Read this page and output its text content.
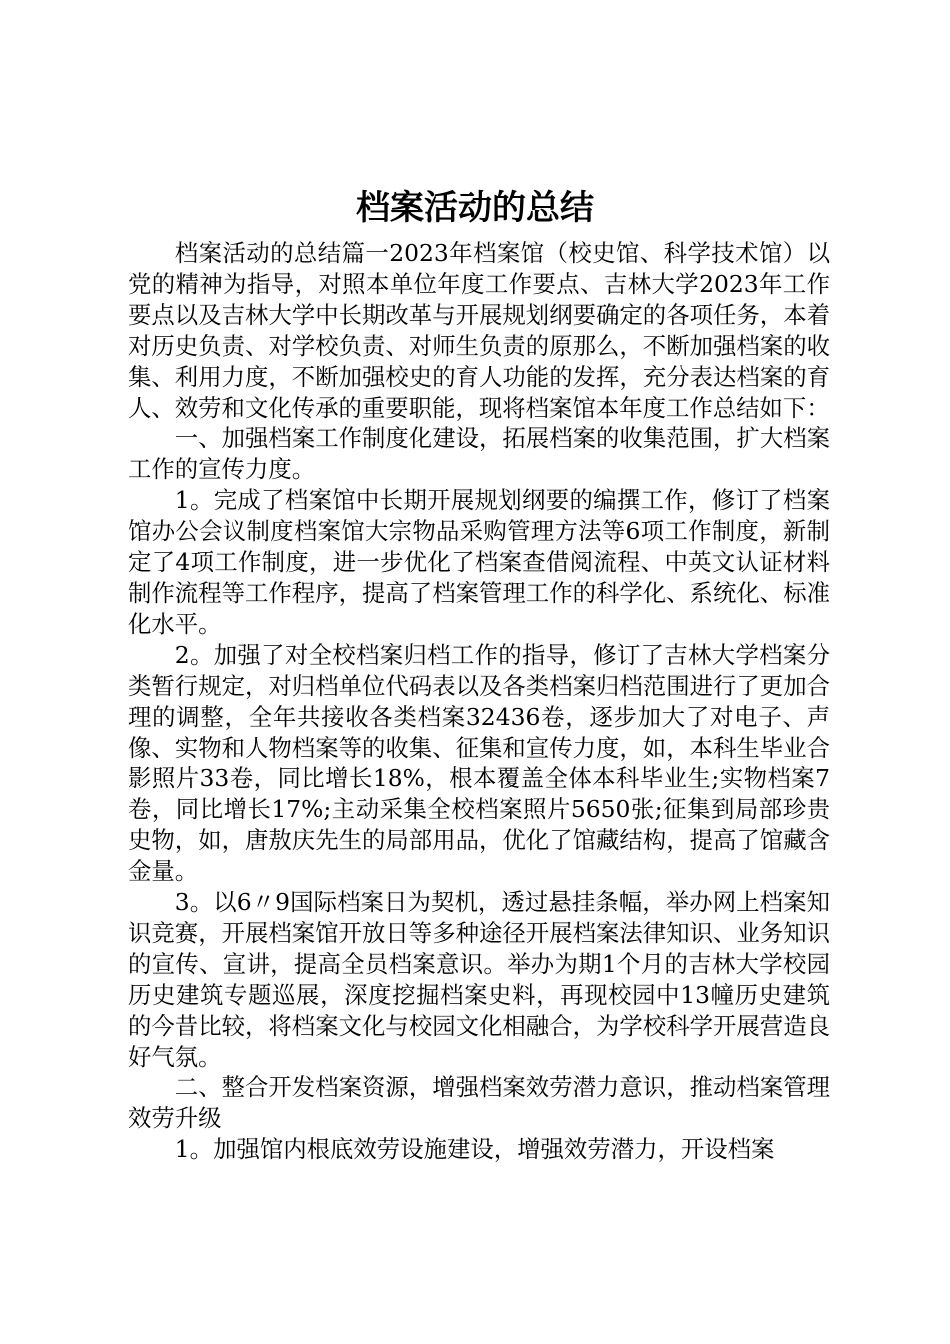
档案活动的总结

档案活动的总结篇一2023年档案馆（校史馆、科学技术馆）以党的精神为指导，对照本单位年度工作要点、吉林大学2023年工作要点以及吉林大学中长期改革与开展规划纲要确定的各项任务，本着对历史负责、对学校负责、对师生负责的原那么，不断加强档案的收集、利用力度，不断加强校史的育人功能的发挥，充分表达档案的育人、效劳和文化传承的重要职能，现将档案馆本年度工作总结如下：

一、加强档案工作制度化建设，拓展档案的收集范围，扩大档案工作的宣传力度。

1。完成了档案馆中长期开展规划纲要的编撰工作，修订了档案馆办公会议制度档案馆大宗物品采购管理方法等6项工作制度，新制定了4项工作制度，进一步优化了档案查借阅流程、中英文认证材料制作流程等工作程序，提高了档案管理工作的科学化、系统化、标准化水平。

2。加强了对全校档案归档工作的指导，修订了吉林大学档案分类暂行规定，对归档单位代码表以及各类档案归档范围进行了更加合理的调整，全年共接收各类档案32436卷，逐步加大了对电子、声像、实物和人物档案等的收集、征集和宣传力度，如，本科生毕业合影照片33卷，同比增长18%，根本覆盖全体本科毕业生;实物档案7卷，同比增长17%;主动采集全校档案照片5650张;征集到局部珍贵史物，如，唐敖庆先生的局部用品，优化了馆藏结构，提高了馆藏含金量。

3。以6〃9国际档案日为契机，透过悬挂条幅，举办网上档案知识竞赛，开展档案馆开放日等多种途径开展档案法律知识、业务知识的宣传、宣讲，提高全员档案意识。举办为期1个月的吉林大学校园历史建筑专题巡展，深度挖掘档案史料，再现校园中13幢历史建筑的今昔比较，将档案文化与校园文化相融合，为学校科学开展营造良好气氛。

二、整合开发档案资源，增强档案效劳潜力意识，推动档案管理效劳升级

1。加强馆内根底效劳设施建设，增强效劳潜力，开设档案
